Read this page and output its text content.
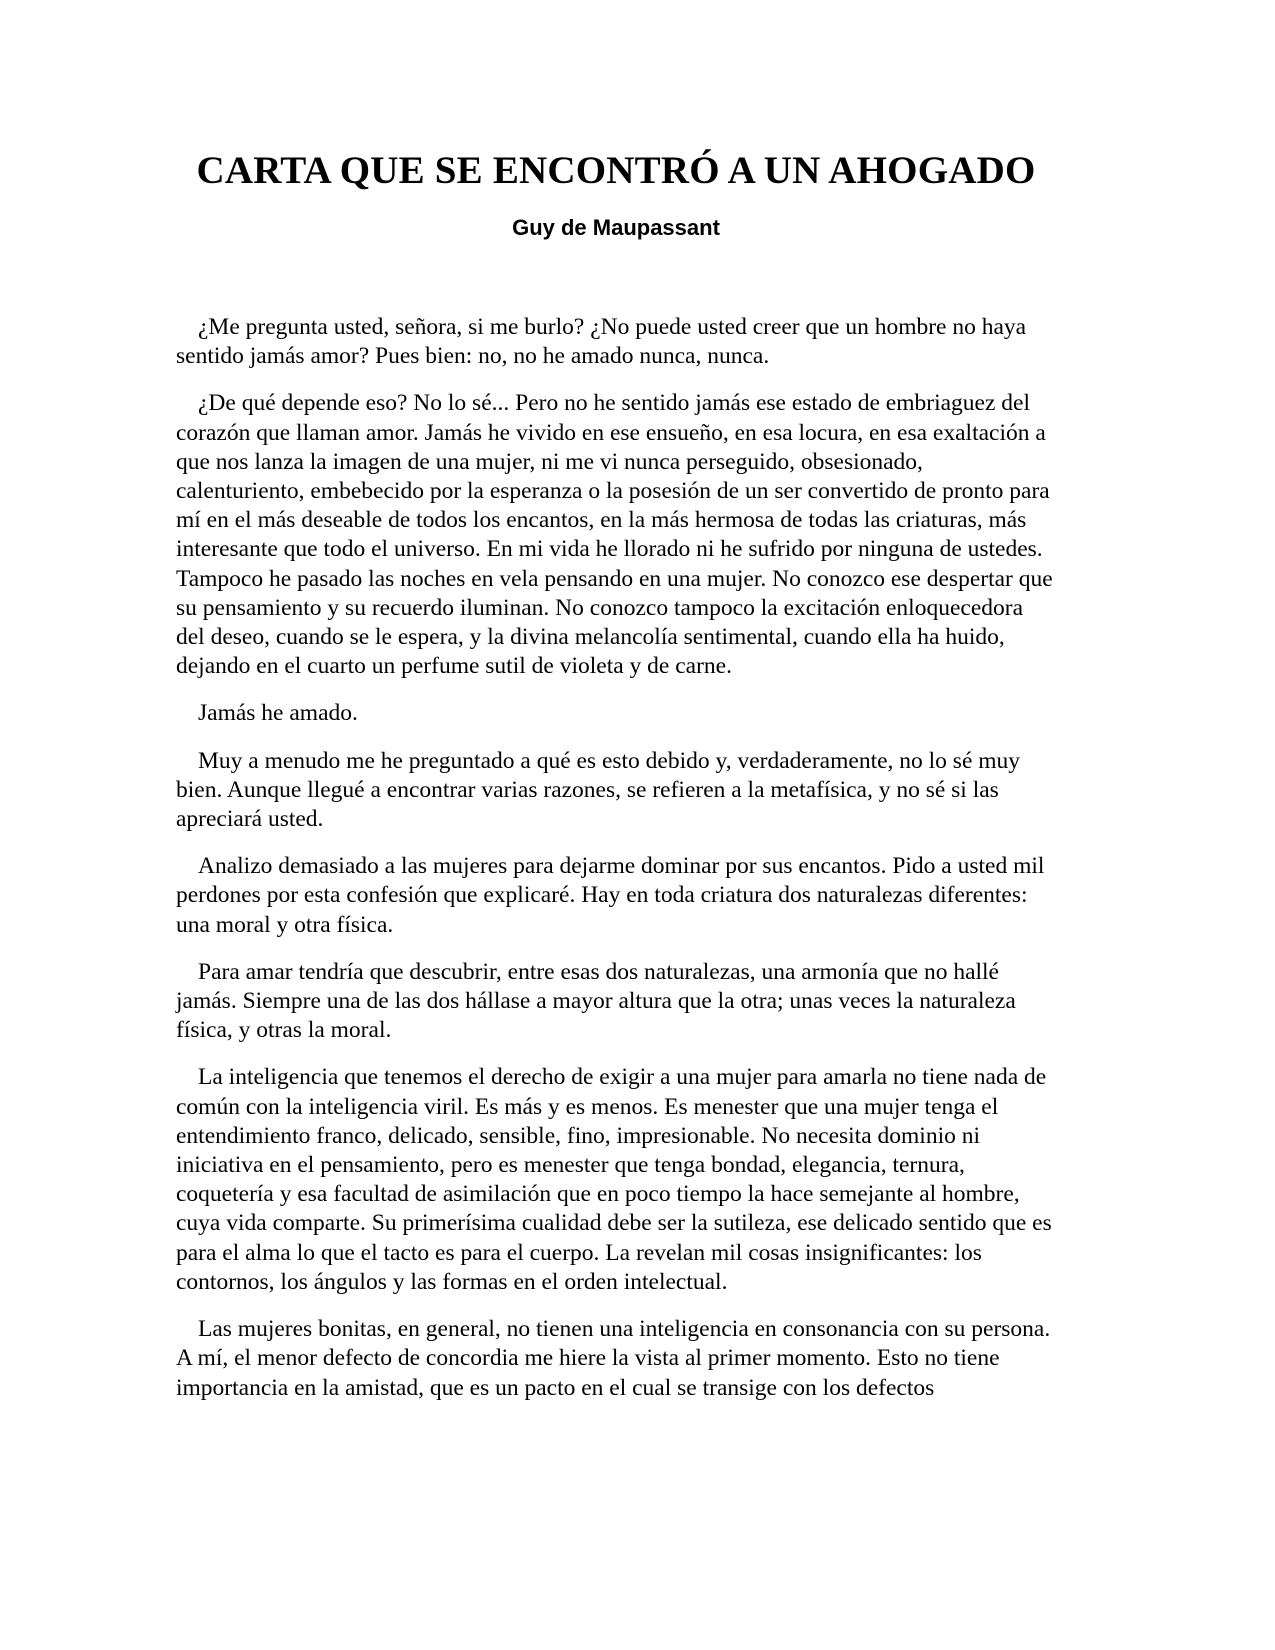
CARTA QUE SE ENCONTRÓ A UN AHOGADO
Guy de Maupassant

¿Me pregunta usted, señora, si me burlo? ¿No puede usted creer que un hombre no haya sentido jamás amor? Pues bien: no, no he amado nunca, nunca.

¿De qué depende eso? No lo sé... Pero no he sentido jamás ese estado de embriaguez del corazón que llaman amor. Jamás he vivido en ese ensueño, en esa locura, en esa exaltación a que nos lanza la imagen de una mujer, ni me vi nunca perseguido, obsesionado, calenturiento, embebecido por la esperanza o la posesión de un ser convertido de pronto para mí en el más deseable de todos los encantos, en la más hermosa de todas las criaturas, más interesante que todo el universo. En mi vida he llorado ni he sufrido por ninguna de ustedes. Tampoco he pasado las noches en vela pensando en una mujer. No conozco ese despertar que su pensamiento y su recuerdo iluminan. No conozco tampoco la excitación enloquecedora del deseo, cuando se le espera, y la divina melancolía sentimental, cuando ella ha huido, dejando en el cuarto un perfume sutil de violeta y de carne.

Jamás he amado.

Muy a menudo me he preguntado a qué es esto debido y, verdaderamente, no lo sé muy bien. Aunque llegué a encontrar varias razones, se refieren a la metafísica, y no sé si las apreciará usted.

Analizo demasiado a las mujeres para dejarme dominar por sus encantos. Pido a usted mil perdones por esta confesión que explicaré. Hay en toda criatura dos naturalezas diferentes: una moral y otra física.

Para amar tendría que descubrir, entre esas dos naturalezas, una armonía que no hallé jamás. Siempre una de las dos hállase a mayor altura que la otra; unas veces la naturaleza física, y otras la moral.

La inteligencia que tenemos el derecho de exigir a una mujer para amarla no tiene nada de común con la inteligencia viril. Es más y es menos. Es menester que una mujer tenga el entendimiento franco, delicado, sensible, fino, impresionable. No necesita dominio ni iniciativa en el pensamiento, pero es menester que tenga bondad, elegancia, ternura, coquetería y esa facultad de asimilación que en poco tiempo la hace semejante al hombre, cuya vida comparte. Su primerísima cualidad debe ser la sutileza, ese delicado sentido que es para el alma lo que el tacto es para el cuerpo. La revelan mil cosas insignificantes: los contornos, los ángulos y las formas en el orden intelectual.

Las mujeres bonitas, en general, no tienen una inteligencia en consonancia con su persona. A mí, el menor defecto de concordia me hiere la vista al primer momento. Esto no tiene importancia en la amistad, que es un pacto en el cual se transige con los defectos
